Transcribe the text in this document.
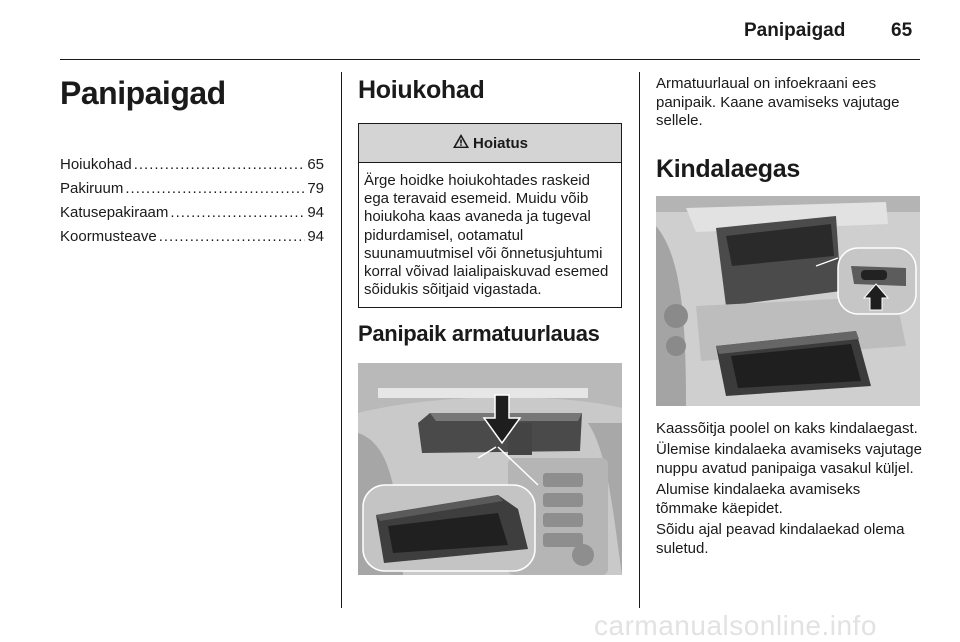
Panipaigad 65
Panipaigad
Hoiukohad .....	65
Pakiruum .....	79
Katusepakiraam .....	94
Koormusteave .....	94
Hoiukohad
Hoiatus
Ärge hoidke hoiukohtades raskeid ega teravaid esemeid. Muidu võib hoiukoha kaas avaneda ja tugeval pidurdamisel, ootamatul suunamuutmisel või õnnetusjuhtumi korral võivad laialipaiskuvad esemed sõidukis sõitjaid vigastada.
Panipaik armatuurlauas

Armatuurlaual on infoekraani ees panipaik. Kaane avamiseks vajutage sellele.

Kindalaegas

Kaassõitja poolel on kaks kindalaegast.

Ülemise kindalaeka avamiseks vajutage nuppu avatud panipaiga vasakul küljel.

Alumise kindalaeka avamiseks tõmmake käepidet.

Sõidu ajal peavad kindalaekad olema suletud.

carmanualsonline.info
